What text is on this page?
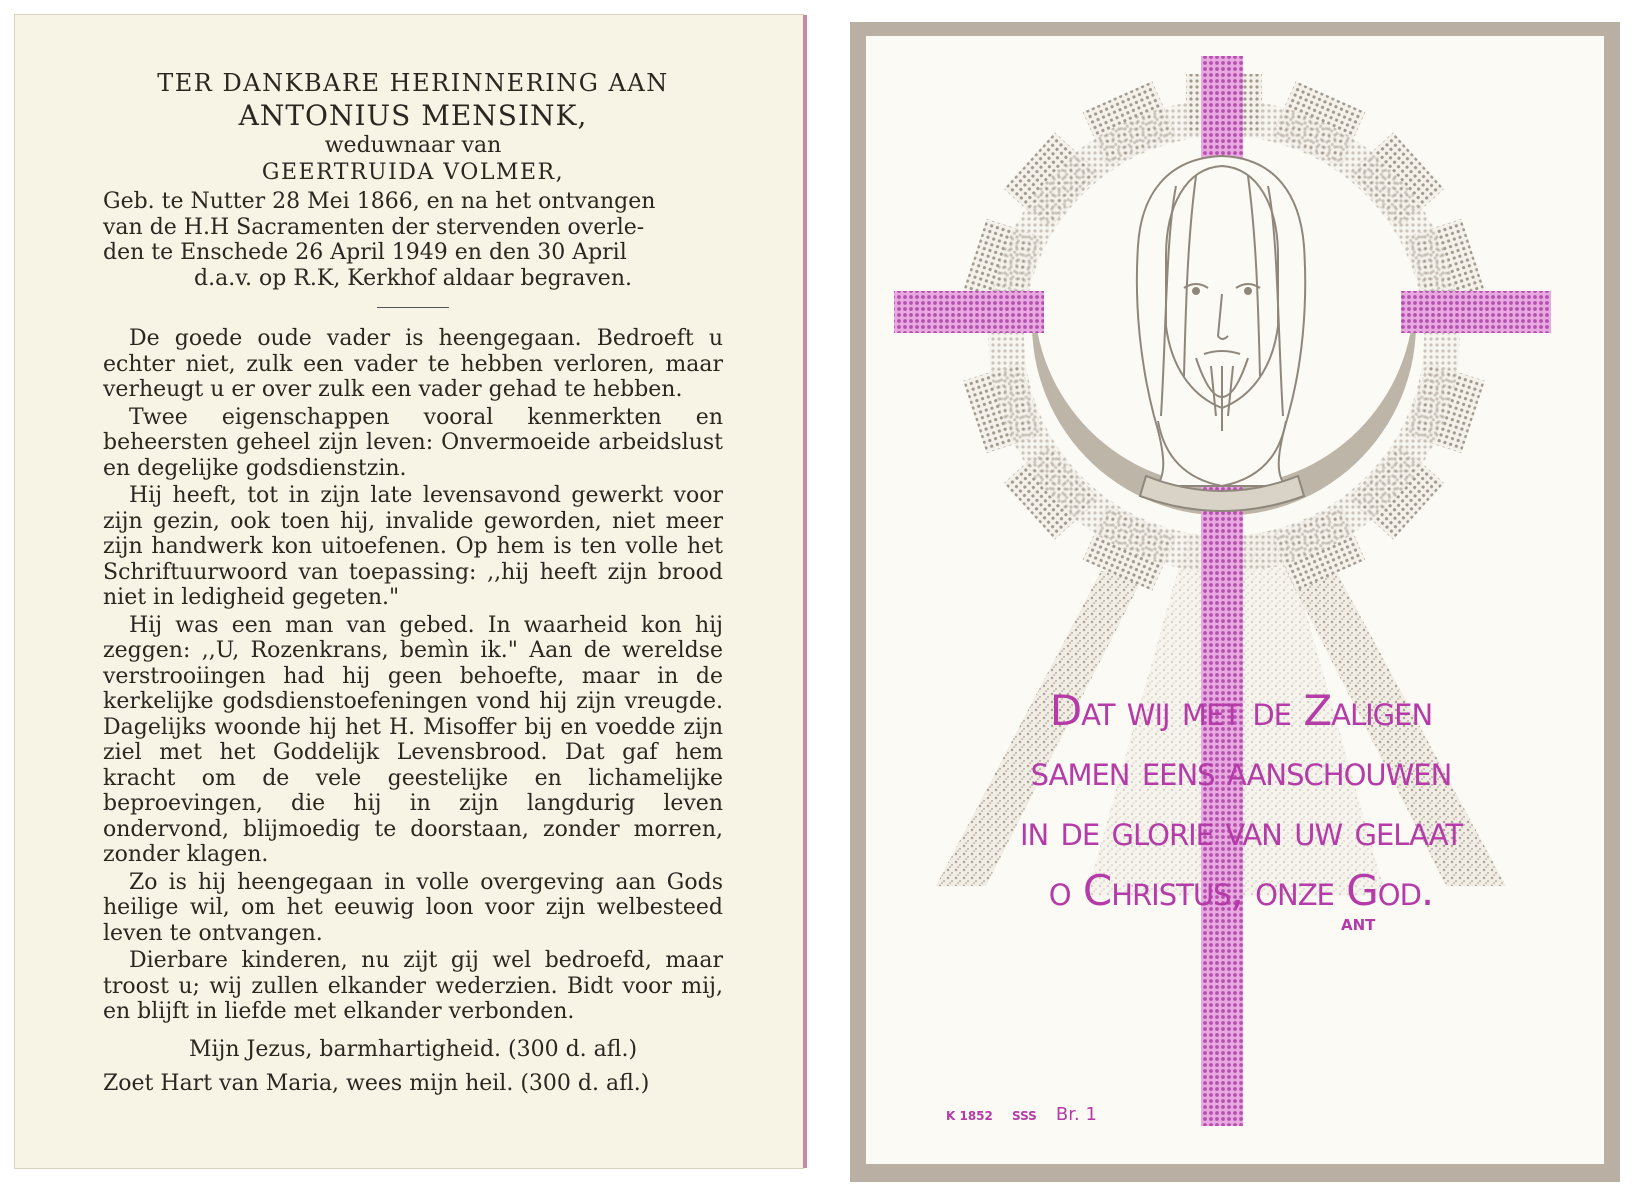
TER DANKBARE HERINNERING AAN
ANTONIUS MENSINK,
weduwnaar van
GEERTRUIDA VOLMER,
Geb. te Nutter 28 Mei 1866, en na het ontvangen
van de H.H Sacramenten der stervenden overle-
den te Enschede 26 April 1949 en den 30 April
d.a.v. op R.K, Kerkhof aldaar begraven.
De goede oude vader is heengegaan. Bedroeft u echter niet, zulk een vader te hebben verloren, maar verheugt u er over zulk een vader gehad te hebben.
Twee eigenschappen vooral kenmerkten en beheersten geheel zijn leven: Onvermoeide arbeidslust en degelijke godsdienstzin.
Hij heeft, tot in zijn late levensavond gewerkt voor zijn gezin, ook toen hij, invalide geworden, niet meer zijn handwerk kon uitoefenen. Op hem is ten volle het Schriftuurwoord van toepassing: ,,hij heeft zijn brood niet in ledigheid gegeten."
Hij was een man van gebed. In waarheid kon hij zeggen: ,,U, Rozenkrans, bemìn ik." Aan de wereldse verstrooiingen had hij geen behoefte, maar in de kerkelijke godsdienstoefeningen vond hij zijn vreugde. Dagelijks woonde hij het H. Misoffer bij en voedde zijn ziel met het Goddelijk Levensbrood. Dat gaf hem kracht om de vele geestelijke en lichamelijke beproevingen, die hij in zijn langdurig leven ondervond, blijmoedig te doorstaan, zonder morren, zonder klagen.
Zo is hij heengegaan in volle overgeving aan Gods heilige wil, om het eeuwig loon voor zijn welbesteed leven te ontvangen.
Dierbare kinderen, nu zijt gij wel bedroefd, maar troost u; wij zullen elkander wederzien. Bidt voor mij, en blijft in liefde met elkander verbonden.
Mijn Jezus, barmhartigheid. (300 d. afl.)
Zoet Hart van Maria, wees mijn heil. (300 d. afl.)
Dat wij met de Zaligen
samen eens aanschouwen
in de glorie van uw gelaat
o Christus, onze God.
ANT
K 1852 SSS Br. 1
